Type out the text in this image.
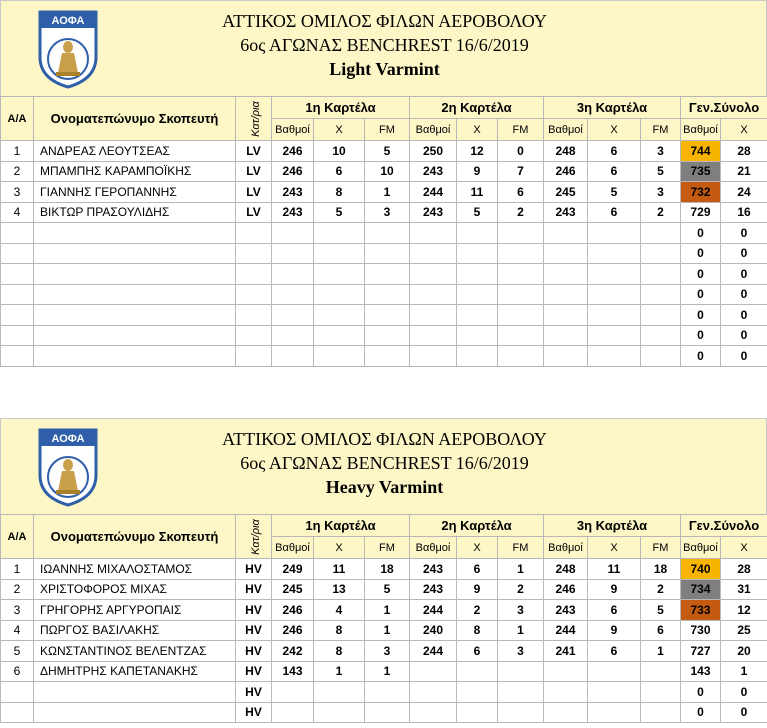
ΑΟΦΑ	ΑΤΤΙΚΟΣ ΟΜΙΛΟΣ ΦΙΛΩΝ ΑΕΡΟΒΟΛΟΥ
6ος ΑΓΩΝΑΣ BENCHREST 16/6/2019
Light Varmint
A/A	Ονοματεπώνυμο Σκοπευτή	Κατ/ρια	1η Καρτέλα			2η Καρτέλα			3η Καρτέλα			Γεν.Σύνολο	
			Βαθμοί	X	FM	Βαθμοί	X	FM	Βαθμοί	X	FM	Βαθμοί	X
1	ΑΝΔΡΕΑΣ ΛΕΟΥΤΣΕΑΣ	LV	246	10	5	250	12	0	248	6	3	744	28
2	ΜΠΑΜΠΗΣ ΚΑΡΑΜΠΟΪΚΗΣ	LV	246	6	10	243	9	7	246	6	5	735	21
3	ΓΙΑΝΝΗΣ ΓΕΡΟΠΑΝΝΗΣ	LV	243	8	1	244	11	6	245	5	3	732	24
4	ΒΙΚΤΩΡ ΠΡΑΣΟΥΛΙΔΗΣ	LV	243	5	3	243	5	2	243	6	2	729	16
												0	0
												0	0
												0	0
												0	0
												0	0
												0	0
												0	0
ΑΟΦΑ	ΑΤΤΙΚΟΣ ΟΜΙΛΟΣ ΦΙΛΩΝ ΑΕΡΟΒΟΛΟΥ
6ος ΑΓΩΝΑΣ BENCHREST 16/6/2019
Heavy Varmint
A/A	Ονοματεπώνυμο Σκοπευτή	Κατ/ρια	1η Καρτέλα			2η Καρτέλα			3η Καρτέλα			Γεν.Σύνολο	
			Βαθμοί	X	FM	Βαθμοί	X	FM	Βαθμοί	X	FM	Βαθμοί	X
1	ΙΩΑΝΝΗΣ ΜΙΧΑΛΟΣΤΑΜΟΣ	HV	249	11	18	243	6	1	248	11	18	740	28
2	ΧΡΙΣΤΟΦΟΡΟΣ ΜΙΧΑΣ	HV	245	13	5	243	9	2	246	9	2	734	31
3	ΓΡΗΓΟΡΗΣ ΑΡΓΥΡΟΠΑΙΣ	HV	246	4	1	244	2	3	243	6	5	733	12
4	ΠΩΡΓΟΣ ΒΑΣΙΛΑΚΗΣ	HV	246	8	1	240	8	1	244	9	6	730	25
5	ΚΩΝΣΤΑΝΤΙΝΟΣ ΒΕΛΕΝΤΖΑΣ	HV	242	8	3	244	6	3	241	6	1	727	20
6	ΔΗΜΗΤΡΗΣ ΚΑΠΕΤΑΝΑΚΗΣ	HV	143	1	1							143	1
		HV										0	0
		HV										0	0
